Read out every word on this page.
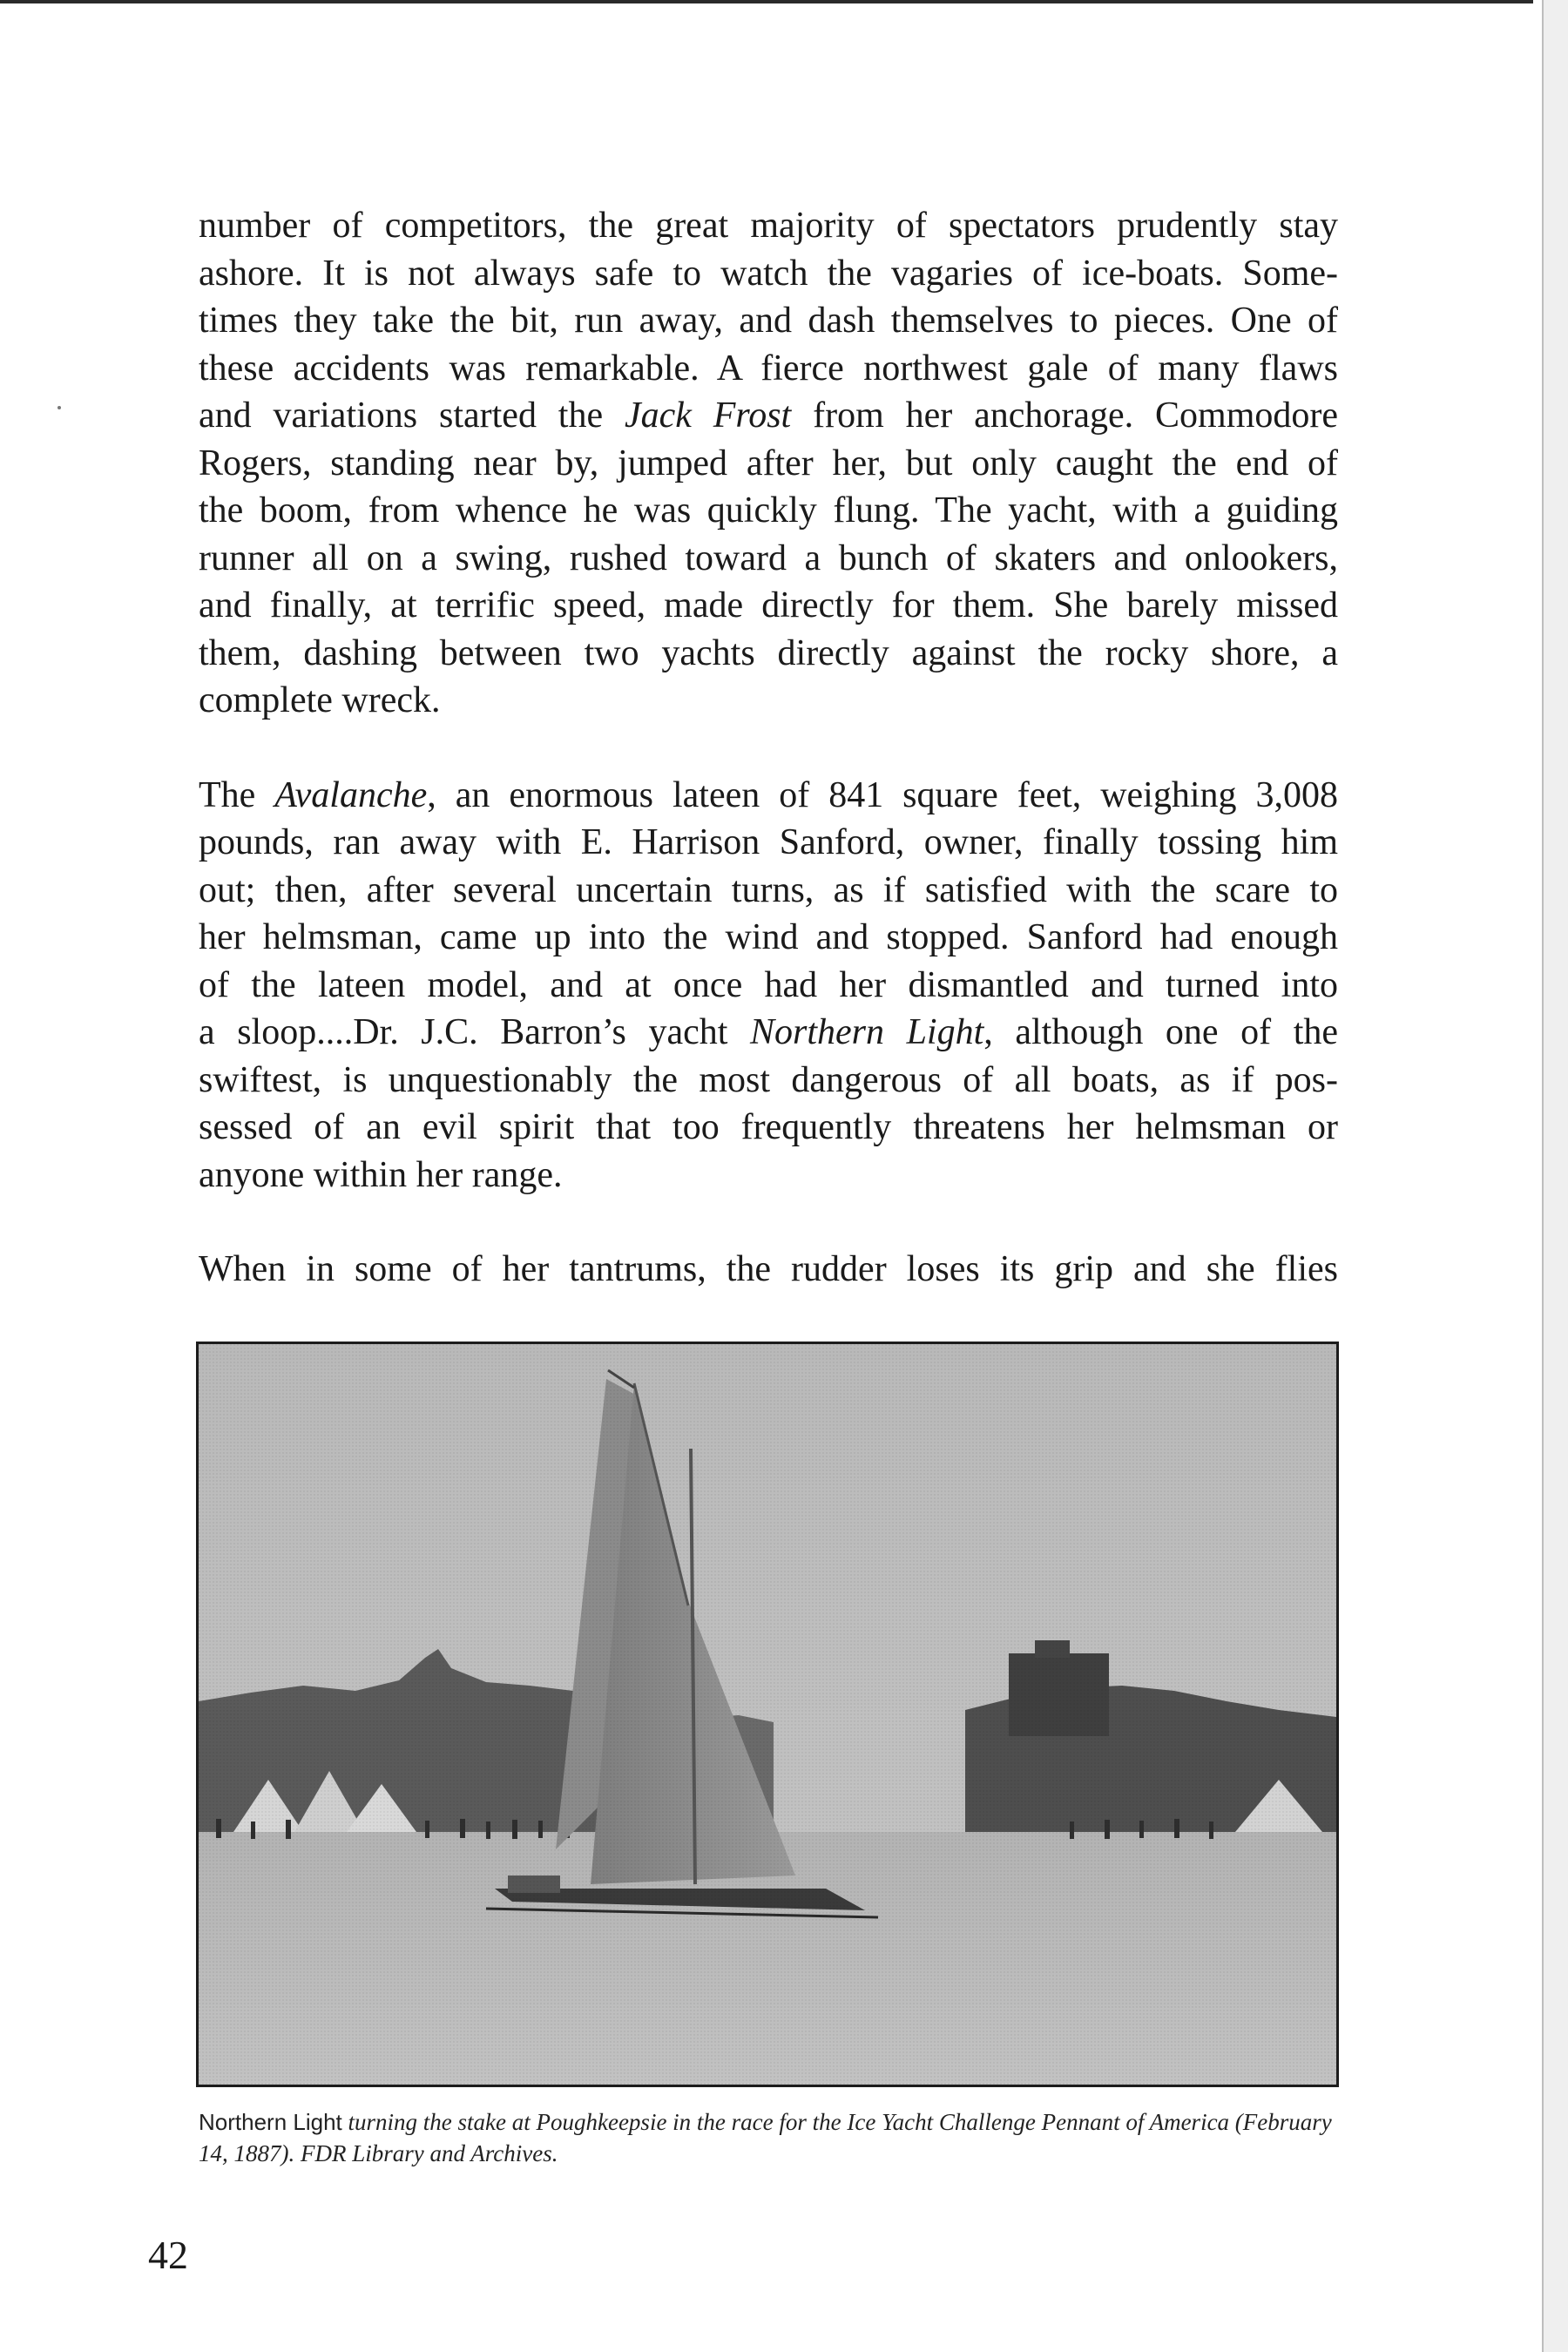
number of competitors, the great majority of spectators prudently stay
ashore. It is not always safe to watch the vagaries of ice-boats. Some-
times they take the bit, run away, and dash themselves to pieces. One of
these accidents was remarkable. A fierce northwest gale of many flaws
and variations started the Jack Frost from her anchorage. Commodore
Rogers, standing near by, jumped after her, but only caught the end of
the boom, from whence he was quickly flung. The yacht, with a guiding
runner all on a swing, rushed toward a bunch of skaters and onlookers,
and finally, at terrific speed, made directly for them. She barely missed
them, dashing between two yachts directly against the rocky shore, a
complete wreck.

The Avalanche, an enormous lateen of 841 square feet, weighing 3,008
pounds, ran away with E. Harrison Sanford, owner, finally tossing him
out; then, after several uncertain turns, as if satisfied with the scare to
her helmsman, came up into the wind and stopped. Sanford had enough
of the lateen model, and at once had her dismantled and turned into
a sloop....Dr. J.C. Barron’s yacht Northern Light, although one of the
swiftest, is unquestionably the most dangerous of all boats, as if pos-
sessed of an evil spirit that too frequently threatens her helmsman or
anyone within her range.

When in some of her tantrums, the rudder loses its grip and she flies

Northern Light turning the stake at Poughkeepsie in the race for the Ice Yacht Challenge Pennant of America (February 14, 1887). FDR Library and Archives.
42
